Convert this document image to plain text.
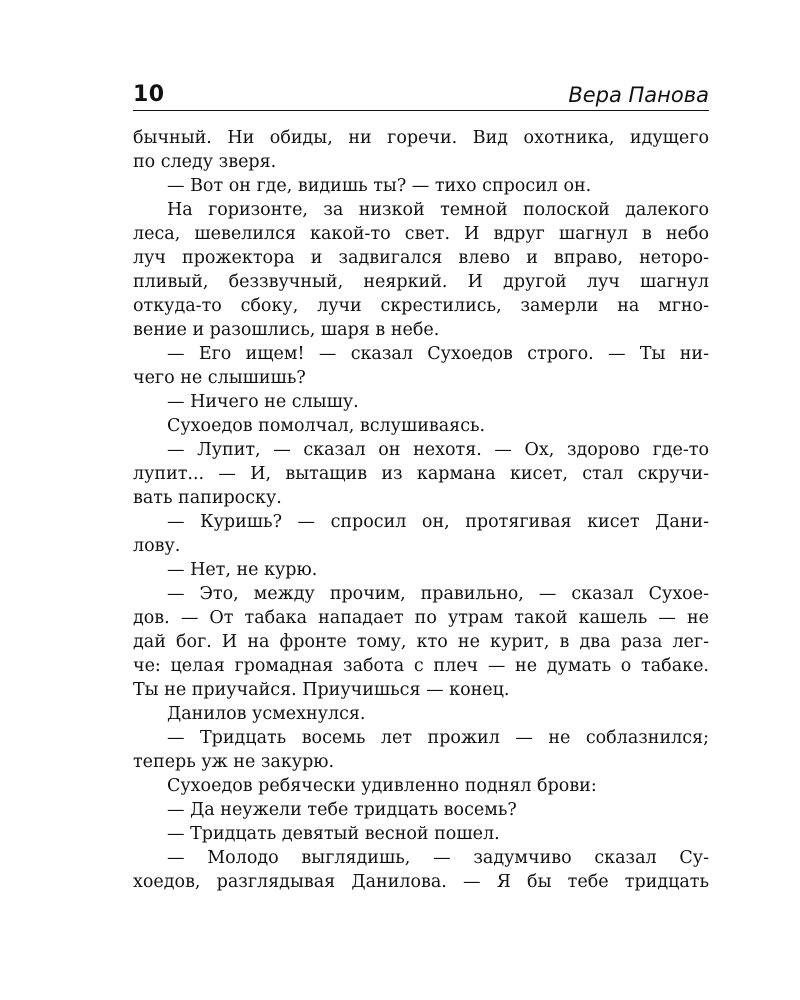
10	Вера Панова
бычный. Ни обиды, ни горечи. Вид охотника, идущего
по следу зверя.
— Вот он где, видишь ты? — тихо спросил он.
На горизонте, за низкой темной полоской далекого
леса, шевелился какой-то свет. И вдруг шагнул в небо
луч прожектора и задвигался влево и вправо, неторо-
пливый, беззвучный, неяркий. И другой луч шагнул
откуда-то сбоку, лучи скрестились, замерли на мгно-
вение и разошлись, шаря в небе.
— Его ищем! — сказал Сухоедов строго. — Ты ни-
чего не слышишь?
— Ничего не слышу.
Сухоедов помолчал, вслушиваясь.
— Лупит, — сказал он нехотя. — Ох, здорово где-то
лупит... — И, вытащив из кармана кисет, стал скручи-
вать папироску.
— Куришь? — спросил он, протягивая кисет Дани-
лову.
— Нет, не курю.
— Это, между прочим, правильно, — сказал Сухое-
дов. — От табака нападает по утрам такой кашель — не
дай бог. И на фронте тому, кто не курит, в два раза лег-
че: целая громадная забота с плеч — не думать о табаке.
Ты не приучайся. Приучишься — конец.
Данилов усмехнулся.
— Тридцать восемь лет прожил — не соблазнился;
теперь уж не закурю.
Сухоедов ребячески удивленно поднял брови:
— Да неужели тебе тридцать восемь?
— Тридцать девятый весной пошел.
— Молодо выглядишь, — задумчиво сказал Су-
хоедов, разглядывая Данилова. — Я бы тебе тридцать
